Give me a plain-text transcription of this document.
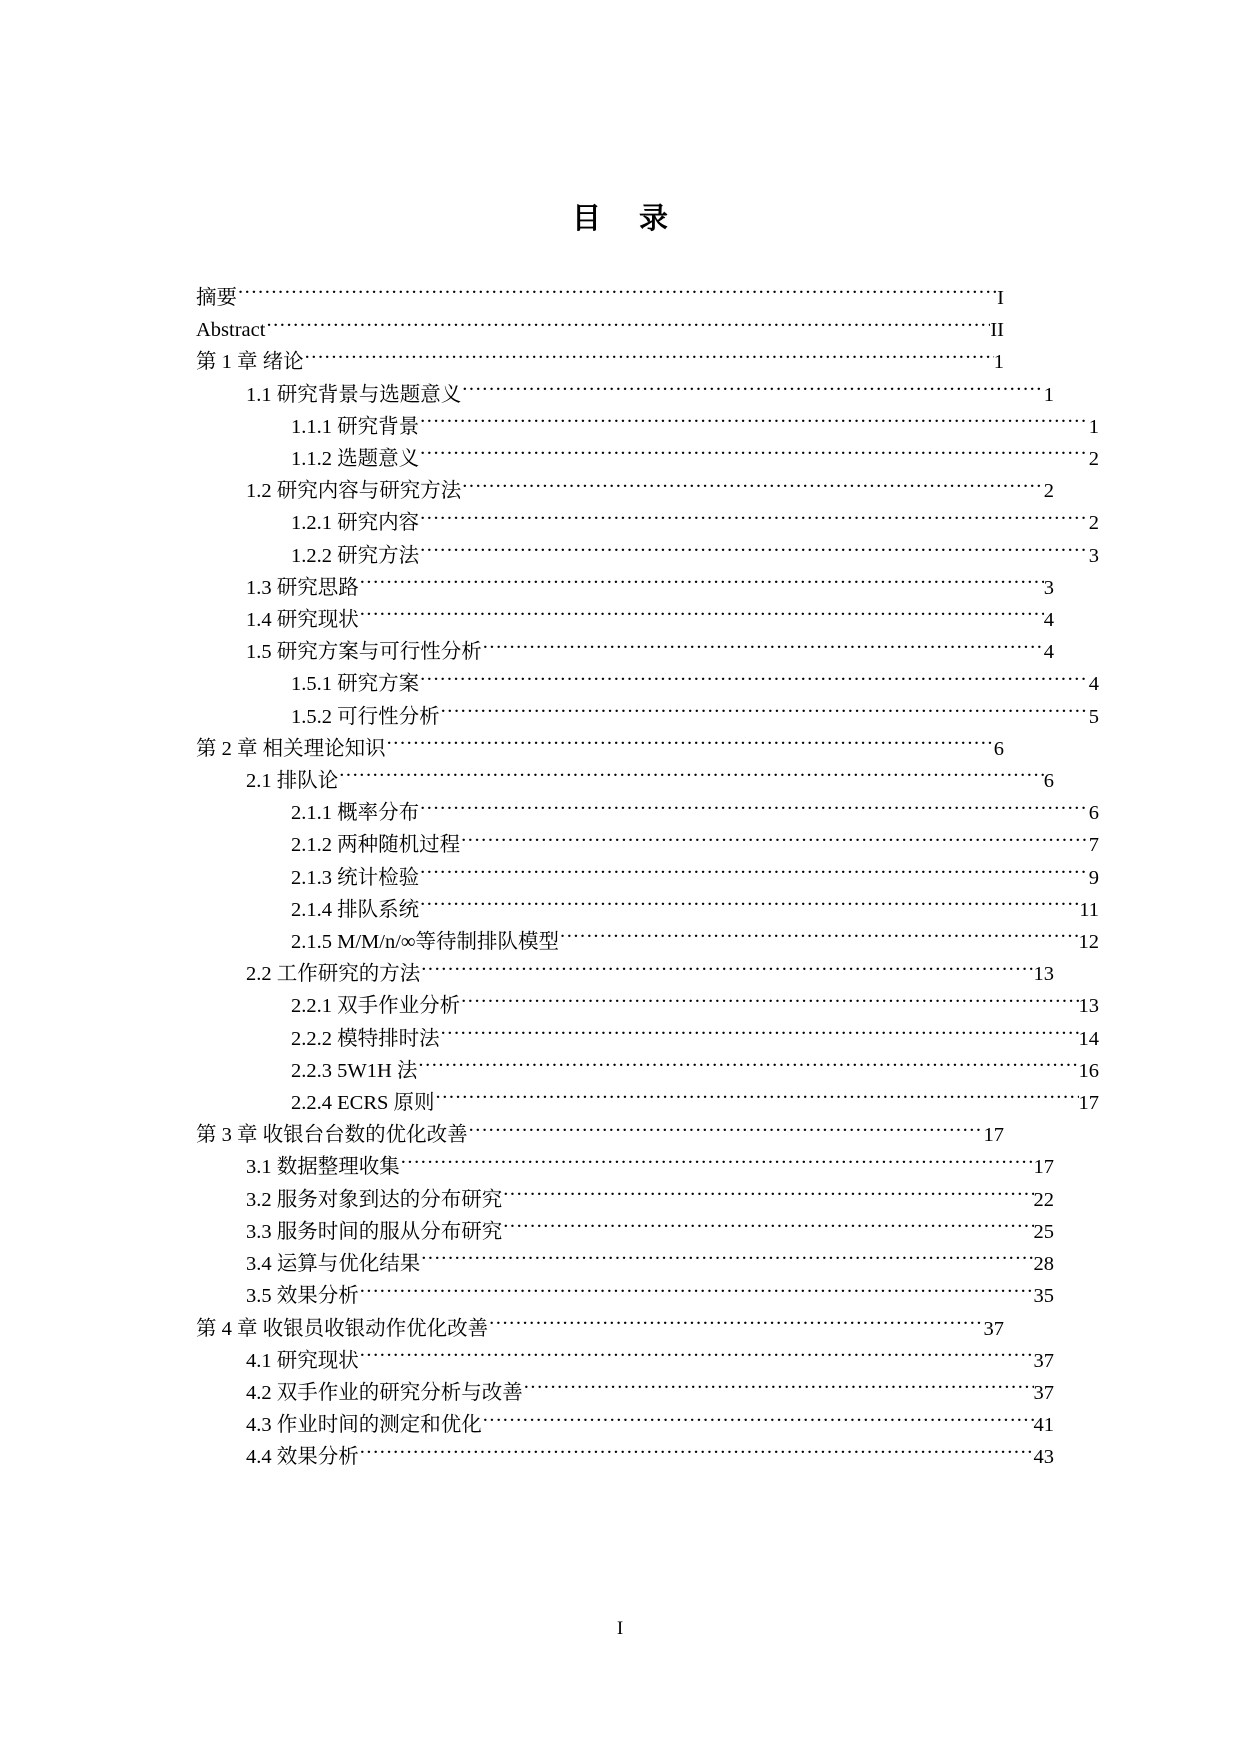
目 录
摘要 .....	I
Abstract .....	II
第 1 章 绪论 .....	1
1.1 研究背景与选题意义 .....	1
1.1.1 研究背景 .....	1
1.1.2 选题意义 .....	2
1.2 研究内容与研究方法 .....	2
1.2.1 研究内容 .....	2
1.2.2 研究方法 .....	3
1.3 研究思路 .....	3
1.4 研究现状 .....	4
1.5 研究方案与可行性分析 .....	4
1.5.1 研究方案 .....	4
1.5.2 可行性分析 .....	5
第 2 章 相关理论知识 .....	6
2.1 排队论 .....	6
2.1.1 概率分布 .....	6
2.1.2 两种随机过程 .....	7
2.1.3 统计检验 .....	9
2.1.4 排队系统 .....	11
2.1.5 M/M/n/∞等待制排队模型 .....	12
2.2 工作研究的方法 .....	13
2.2.1 双手作业分析 .....	13
2.2.2 模特排时法 .....	14
2.2.3 5W1H 法 .....	16
2.2.4 ECRS 原则 .....	17
第 3 章 收银台台数的优化改善 .....	17
3.1 数据整理收集 .....	17
3.2 服务对象到达的分布研究 .....	22
3.3 服务时间的服从分布研究 .....	25
3.4 运算与优化结果 .....	28
3.5 效果分析 .....	35
第 4 章 收银员收银动作优化改善 .....	37
4.1 研究现状 .....	37
4.2 双手作业的研究分析与改善 .....	37
4.3 作业时间的测定和优化 .....	41
4.4 效果分析 .....	43
I
